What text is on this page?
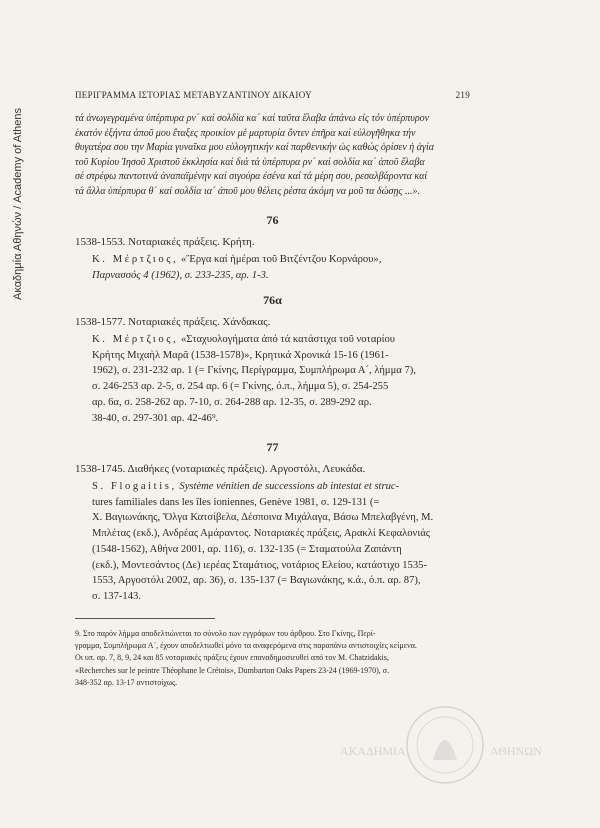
Ακαδημία Αθηνών / Academy of Athens
ΠΕΡΙΓΡΑΜΜΑ ΙΣΤΟΡΙΑΣ ΜΕΤΑΒΥΖΑΝΤΙΝΟΥ ΔΙΚΑΙΟΥ	219
τά ἀνωγεγραμένα ὑπέρπυρα ρν´ καί σολδία κα´ καί ταῦτα ἔλαβα ἀπάνω εἰς τόν ὑπέρπυρον
ἑκατόν ἑξήντα ἀποῦ μου ἔταξες προικίον μέ μαρτυρία ὄντεν ἐπῆρα καί εὐλογῆθηκα τήν
θυγατέρα σου την Μαρία γυναῖκα μου εὐλογητικήν καί παρθενικήν ὡς καθώς ὁρίσεν ἡ ἁγία
τοῦ Κυρίου Ἰησοῦ Χριστοῦ ἐκκλησία καί διά τά ὑπέρπυρα ρν´ καί σολδία κα´ ἀποῦ ἔλαβα
σέ στρέφω παντοτινά ἀναπαϊμένην καί σιγούρα ἐσένα καί τά μέρη σου, ρεσαλβάροντα καί
τά ἄλλα ὑπέρπυρα θ´ καί σολδία ια´ ἀποῦ μου θέλεις ρέστα ἀκόμη να μοῦ τα δώσῃς ...».
76
1538-1553. Νοταριακές πράξεις. Κρήτη.
Κ. Μέρτζιος, «Ἔργα καί ἡμέραι τοῦ Βιτζέντζου Κορνάρου»,
Παρνασσός 4 (1962), σ. 233-235, αρ. 1-3.
76α
1538-1577. Νοταριακές πράξεις. Χάνδακας.
Κ. Μέρτζιος, «Σταχυολογήματα ἀπό τά κατάστιχα τοῦ νοταρίου
Κρήτης Μιχαὴλ Μαρᾶ (1538-1578)», Κρητικά Χρονικά 15-16 (1961-
1962), σ. 231-232 αρ. 1 (= Γκίνης, Περίγραμμα, Συμπλήρωμα Α´, λήμμα 7),
σ. 246-253 αρ. 2-5, σ. 254 αρ. 6 (= Γκίνης, ό.π., λήμμα 5), σ. 254-255
αρ. 6α, σ. 258-262 αρ. 7-10, σ. 264-288 αρ. 12-35, σ. 289-292 αρ.
38-40, σ. 297-301 αρ. 42-46⁹.
77
1538-1745. Διαθήκες (νοταριακές πράξεις). Αργοστόλι, Λευκάδα.
S. Flogaitis, Système vénitien de successions ab intestat et struc-
tures familiales dans les îles ioniennes, Genève 1981, σ. 129-131 (=
Χ. Βαγιωνάκης, Ὄλγα Κατσίβελα, Δέσποινα Μιχάλαγα, Βάσω Μπελαβγένη, Μ.
Μπλέτας (εκδ.), Ανδρέας Αμάραντος. Νοταριακές πράξεις, Αρακλί Κεφαλονιάς
(1548-1562), Αθήνα 2001, αρ. 116), σ. 132-135 (= Σταματούλα Ζαπάντη
(εκδ.), Μοντεσάντος (Δε) ιερέας Σταμάτιος, νοτάριος Ελείου, κατάστιχο 1535-
1553, Αργοστόλι 2002, αρ. 36), σ. 135-137 (= Βαγιωνάκης, κ.ά., ό.π. αρ. 87),
σ. 137-143.
9. Στο παρόν λήμμα αποδελτιώνεται το σύνολο των εγγράφων του άρθρου. Στο Γκίνης, Περί-
γραμμα, Συμπλήρωμα Α´, έχουν αποδελτιωθεί μόνο τα αναφερόμενα στις παραπάνω αντιστοιχίες κείμενα.
Οι υπ. αρ. 7, 8, 9, 24 και 85 νοταριακές πράξεις έχουν επαναδημοσιευθεί από τον M. Chatzidakis,
«Recherches sur le peintre Théophane le Crétois», Dumbarton Oaks Papers 23-24 (1969-1970), σ.
348-352 αρ. 13-17 αντιστοίχως.
ΑΚΑΔΗΜΙΑ	ΑΘΗΝΩΝ
